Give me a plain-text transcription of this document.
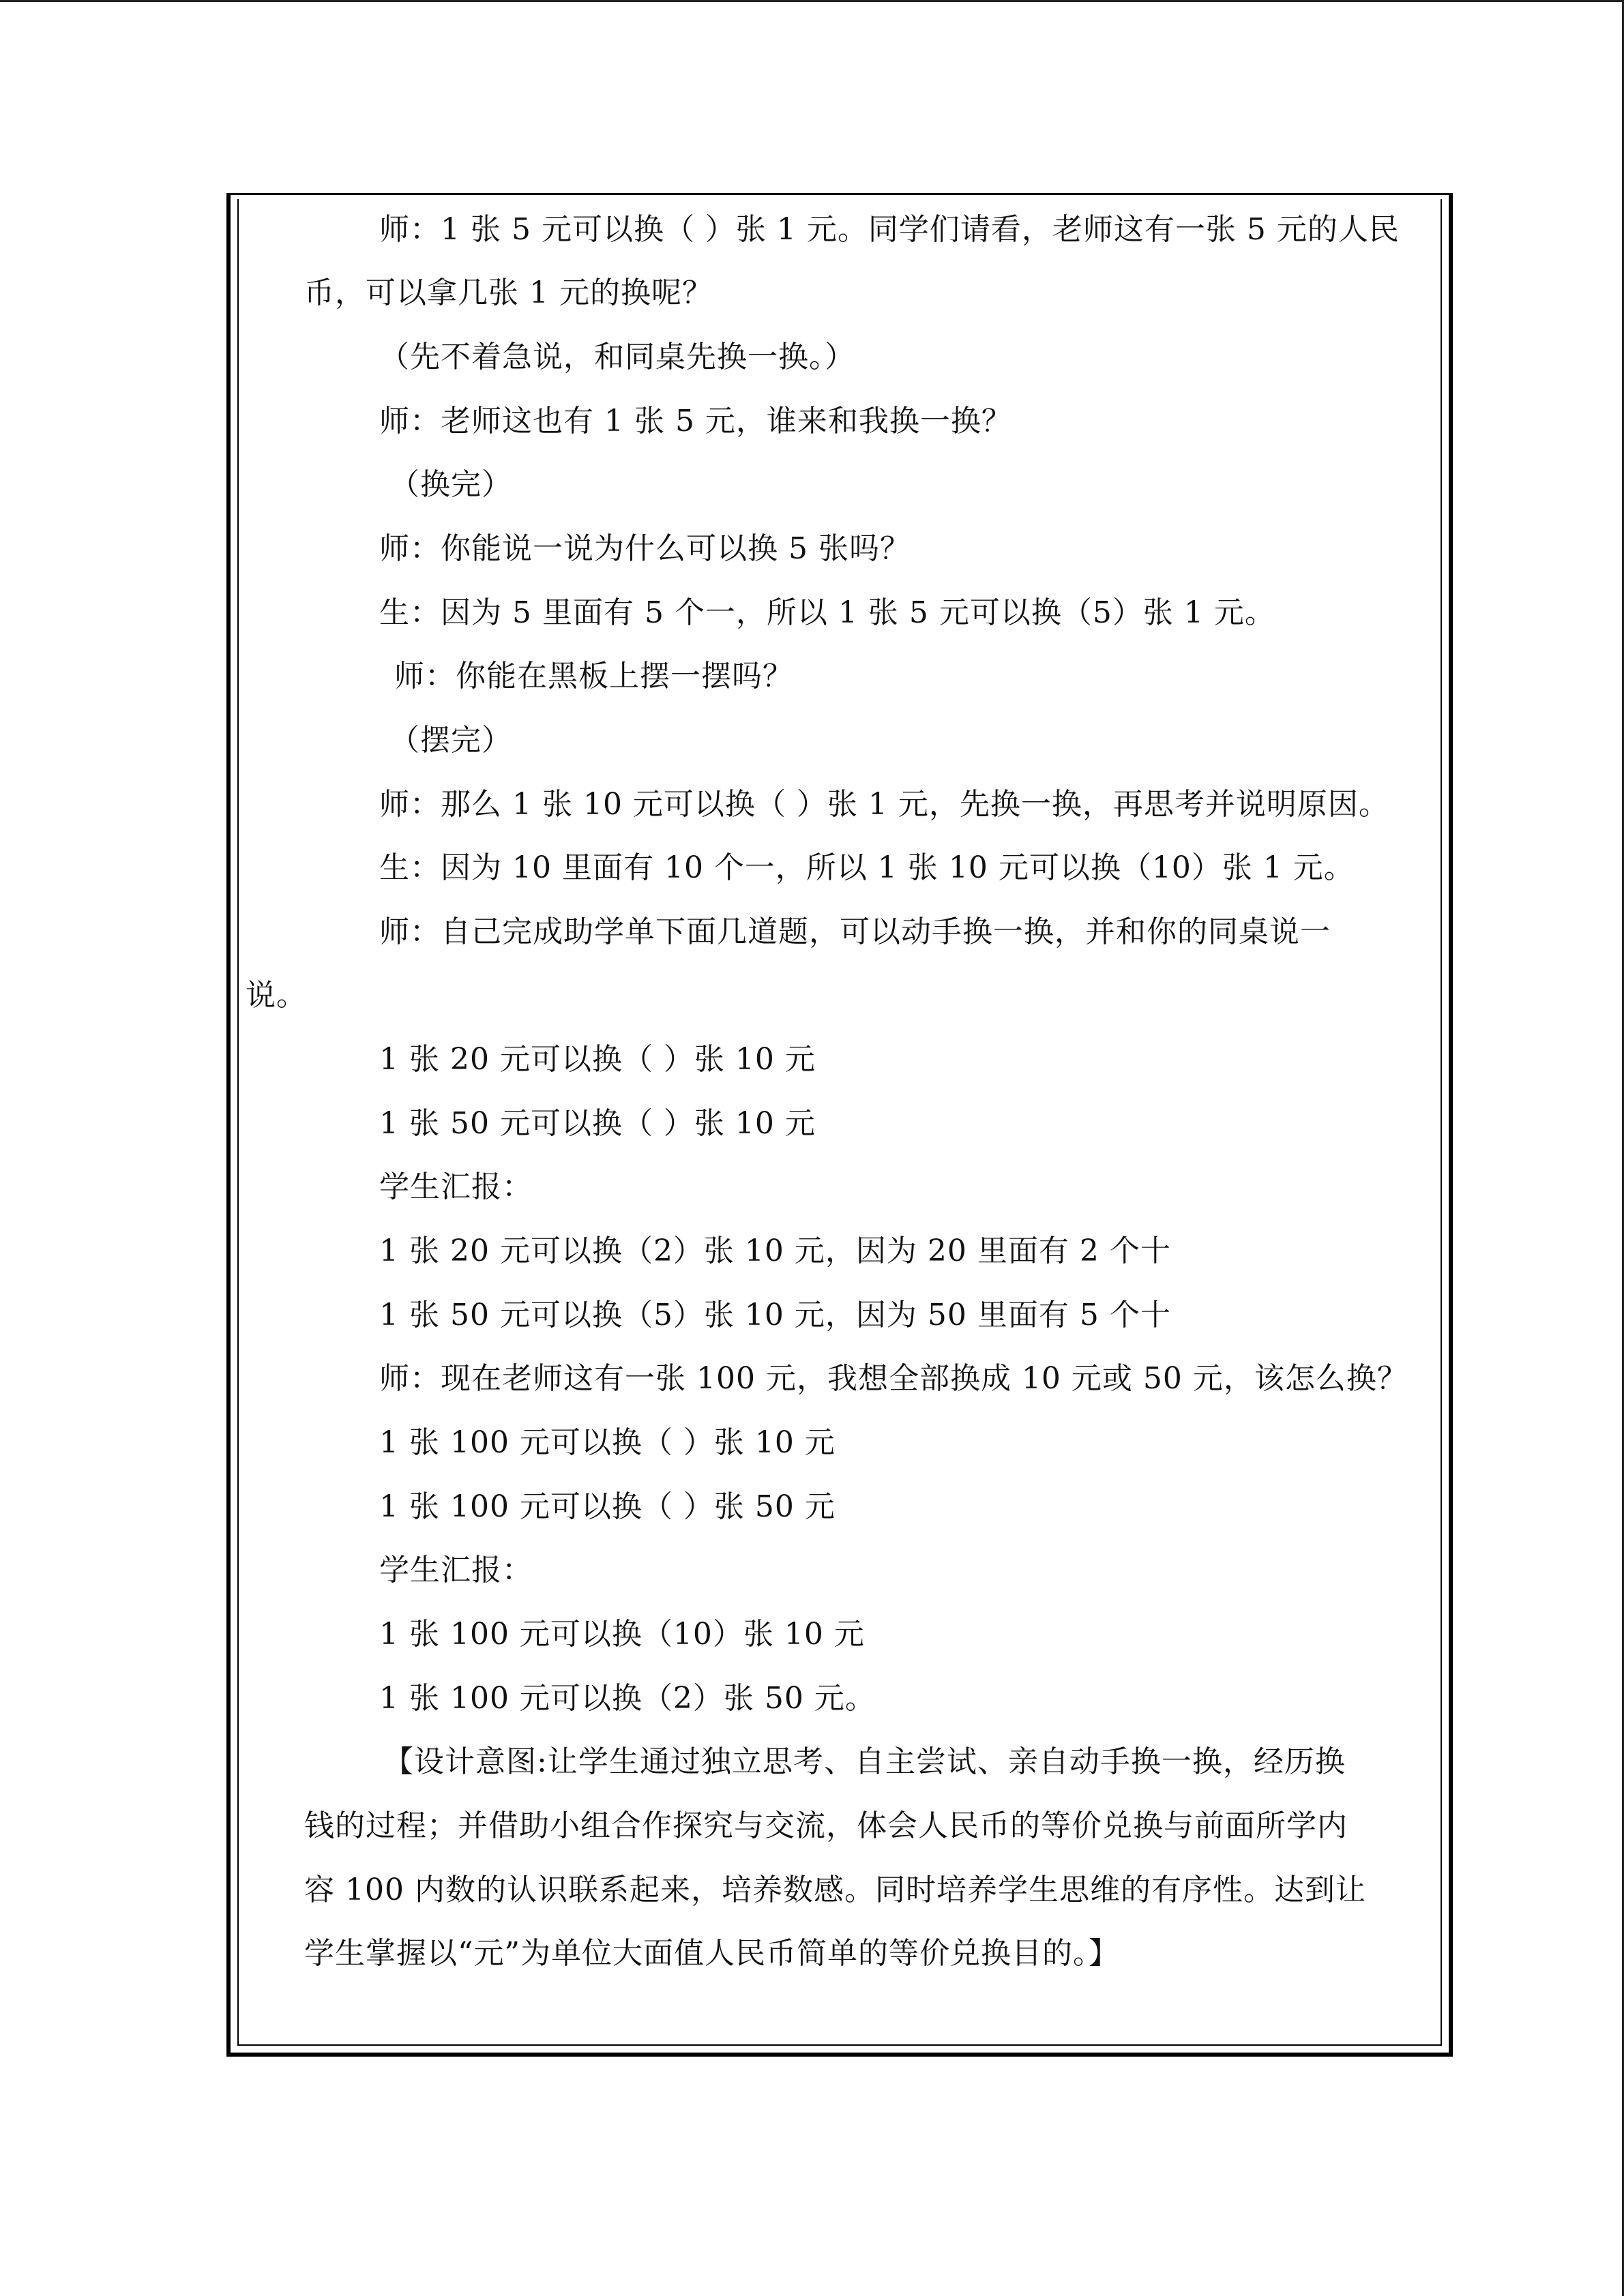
师：1 张 5 元可以换（ ）张 1 元。同学们请看，老师这有一张 5 元的人民
币，可以拿几张 1 元的换呢？
（先不着急说，和同桌先换一换。）
师：老师这也有 1 张 5 元，谁来和我换一换？
（换完）
师：你能说一说为什么可以换 5 张吗？
生：因为 5 里面有 5 个一，所以 1 张 5 元可以换（5）张 1 元。
师：你能在黑板上摆一摆吗？
（摆完）
师：那么 1 张 10 元可以换（ ）张 1 元，先换一换，再思考并说明原因。
生：因为 10 里面有 10 个一，所以 1 张 10 元可以换（10）张 1 元。
师：自己完成助学单下面几道题，可以动手换一换，并和你的同桌说一
说。
1 张 20 元可以换（ ）张 10 元
1 张 50 元可以换（ ）张 10 元
学生汇报：
1 张 20 元可以换（2）张 10 元，因为 20 里面有 2 个十
1 张 50 元可以换（5）张 10 元，因为 50 里面有 5 个十
师：现在老师这有一张 100 元，我想全部换成 10 元或 50 元，该怎么换？
1 张 100 元可以换（ ）张 10 元
1 张 100 元可以换（ ）张 50 元
学生汇报：
1 张 100 元可以换（10）张 10 元
1 张 100 元可以换（2）张 50 元。
【设计意图:让学生通过独立思考、自主尝试、亲自动手换一换，经历换
钱的过程；并借助小组合作探究与交流，体会人民币的等价兑换与前面所学内
容 100 内数的认识联系起来，培养数感。同时培养学生思维的有序性。达到让
学生掌握以“元”为单位大面值人民币简单的等价兑换目的。】
